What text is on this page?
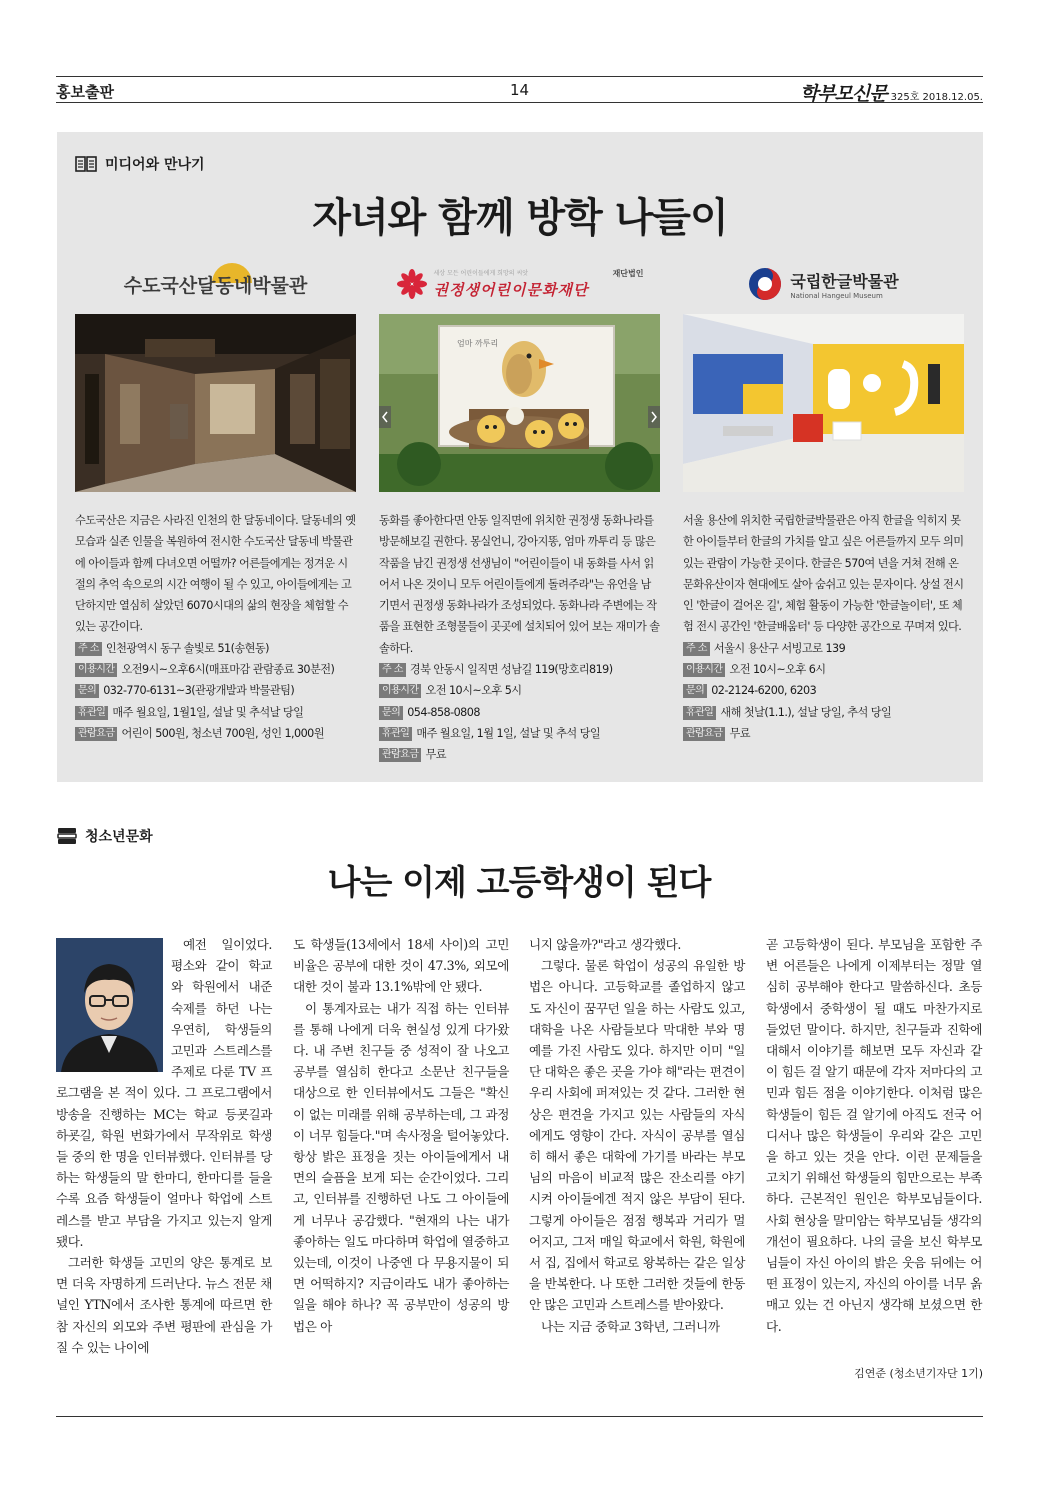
홍보출판	14	학부모신문 325호 2018.12.05.
미디어와 만나기
자녀와 함께 방학 나들이
수도국산달동네박물관
수도국산은 지금은 사라진 인천의 한 달동네이다. 달동네의 옛 모습과 실존 인물을 복원하여 전시한 수도국산 달동네 박물관에 아이들과 함께 다녀오면 어떨까? 어른들에게는 정겨운 시절의 추억 속으로의 시간 여행이 될 수 있고, 아이들에게는 고단하지만 열심히 살았던 6070시대의 삶의 현장을 체험할 수 있는 공간이다.
주 소 인천광역시 동구 솔빛로 51(송현동)
이용시간 오전9시~오후6시(매표마감 관람종료 30분전)
문의 032-770-6131~3(관광개발과 박물관팀)
휴관일 매주 월요일, 1월1일, 설날 및 추석날 당일
관람요금 어린이 500원, 청소년 700원, 성인 1,000원
세상 모든 어린이들에게 희망의 씨앗	재단법인
권정생어린이문화재단
엄마 까투리
동화를 좋아한다면 안동 일직면에 위치한 권정생 동화나라를 방문해보길 권한다. 몽실언니, 강아지똥, 엄마 까투리 등 많은 작품을 남긴 권정생 선생님이 "어린이들이 내 동화를 사서 읽어서 나온 것이니 모두 어린이들에게 돌려주라"는 유언을 남기면서 권정생 동화나라가 조성되었다. 동화나라 주변에는 작품을 표현한 조형물들이 곳곳에 설치되어 있어 보는 재미가 솔솔하다.
주 소 경북 안동시 일직면 성남길 119(망호리819)
이용시간 오전 10시~오후 5시
문의 054-858-0808
휴관일 매주 월요일, 1월 1일, 설날 및 추석 당일
관람요금 무료
국립한글박물관
National Hangeul Museum
서울 용산에 위치한 국립한글박물관은 아직 한글을 익히지 못한 아이들부터 한글의 가치를 알고 싶은 어른들까지 모두 의미있는 관람이 가능한 곳이다. 한글은 570여 년을 거쳐 전해 온 문화유산이자 현대에도 살아 숨쉬고 있는 문자이다. 상설 전시인 '한글이 걸어온 길', 체험 활동이 가능한 '한글놀이터', 또 체험 전시 공간인 '한글배움터' 등 다양한 공간으로 꾸며져 있다.
주 소 서울시 용산구 서빙고로 139
이용시간 오전 10시~오후 6시
문의 02-2124-6200, 6203
휴관일 새해 첫날(1.1.), 설날 당일, 추석 당일
관람요금 무료
청소년문화
나는 이제 고등학생이 된다

예전 일이었다. 평소와 같이 학교와 학원에서 내준 숙제를 하던 나는 우연히, 학생들의 고민과 스트레스를 주제로 다룬 TV 프로그램을 본 적이 있다. 그 프로그램에서 방송을 진행하는 MC는 학교 등굣길과 하굣길, 학원 번화가에서 무작위로 학생들 중의 한 명을 인터뷰했다. 인터뷰를 당하는 학생들의 말 한마디, 한마디를 들을수록 요즘 학생들이 얼마나 학업에 스트레스를 받고 부담을 가지고 있는지 알게 됐다.

그러한 학생들 고민의 양은 통계로 보면 더욱 자명하게 드러난다. 뉴스 전문 채널인 YTN에서 조사한 통계에 따르면 한참 자신의 외모와 주변 평판에 관심을 가질 수 있는 나이에

도 학생들(13세에서 18세 사이)의 고민 비율은 공부에 대한 것이 47.3%, 외모에 대한 것이 불과 13.1%밖에 안 됐다.

이 통계자료는 내가 직접 하는 인터뷰를 통해 나에게 더욱 현실성 있게 다가왔다. 내 주변 친구들 중 성적이 잘 나오고 공부를 열심히 한다고 소문난 친구들을 대상으로 한 인터뷰에서도 그들은 "확신이 없는 미래를 위해 공부하는데, 그 과정이 너무 힘들다."며 속사정을 털어놓았다. 항상 밝은 표정을 짓는 아이들에게서 내면의 슬픔을 보게 되는 순간이었다. 그리고, 인터뷰를 진행하던 나도 그 아이들에게 너무나 공감했다. "현재의 나는 내가 좋아하는 일도 마다하며 학업에 열중하고 있는데, 이것이 나중엔 다 무용지물이 되면 어떡하지? 지금이라도 내가 좋아하는 일을 해야 하나? 꼭 공부만이 성공의 방법은 아

니지 않을까?"라고 생각했다.

그렇다. 물론 학업이 성공의 유일한 방법은 아니다. 고등학교를 졸업하지 않고도 자신이 꿈꾸던 일을 하는 사람도 있고, 대학을 나온 사람들보다 막대한 부와 명예를 가진 사람도 있다. 하지만 이미 "일단 대학은 좋은 곳을 가야 해"라는 편견이 우리 사회에 퍼져있는 것 같다. 그러한 현상은 편견을 가지고 있는 사람들의 자식에게도 영향이 간다. 자식이 공부를 열심히 해서 좋은 대학에 가기를 바라는 부모님의 마음이 비교적 많은 잔소리를 야기시켜 아이들에겐 적지 않은 부담이 된다. 그렇게 아이들은 점점 행복과 거리가 멀어지고, 그저 매일 학교에서 학원, 학원에서 집, 집에서 학교로 왕복하는 같은 일상을 반복한다. 나 또한 그러한 것들에 한동안 많은 고민과 스트레스를 받아왔다.

나는 지금 중학교 3학년, 그러니까

곧 고등학생이 된다. 부모님을 포함한 주변 어른들은 나에게 이제부터는 정말 열심히 공부해야 한다고 말씀하신다. 초등학생에서 중학생이 될 때도 마찬가지로 들었던 말이다. 하지만, 친구들과 진학에 대해서 이야기를 해보면 모두 자신과 같이 힘든 걸 알기 때문에 각자 저마다의 고민과 힘든 점을 이야기한다. 이처럼 많은 학생들이 힘든 걸 알기에 아직도 전국 어디서나 많은 학생들이 우리와 같은 고민을 하고 있는 것을 안다. 이런 문제들을 고치기 위해선 학생들의 힘만으로는 부족하다. 근본적인 원인은 학부모님들이다. 사회 현상을 말미암는 학부모님들 생각의 개선이 필요하다. 나의 글을 보신 학부모님들이 자신 아이의 밝은 웃음 뒤에는 어떤 표정이 있는지, 자신의 아이를 너무 옭매고 있는 건 아닌지 생각해 보셨으면 한다.

김연준 (청소년기자단 1기)
